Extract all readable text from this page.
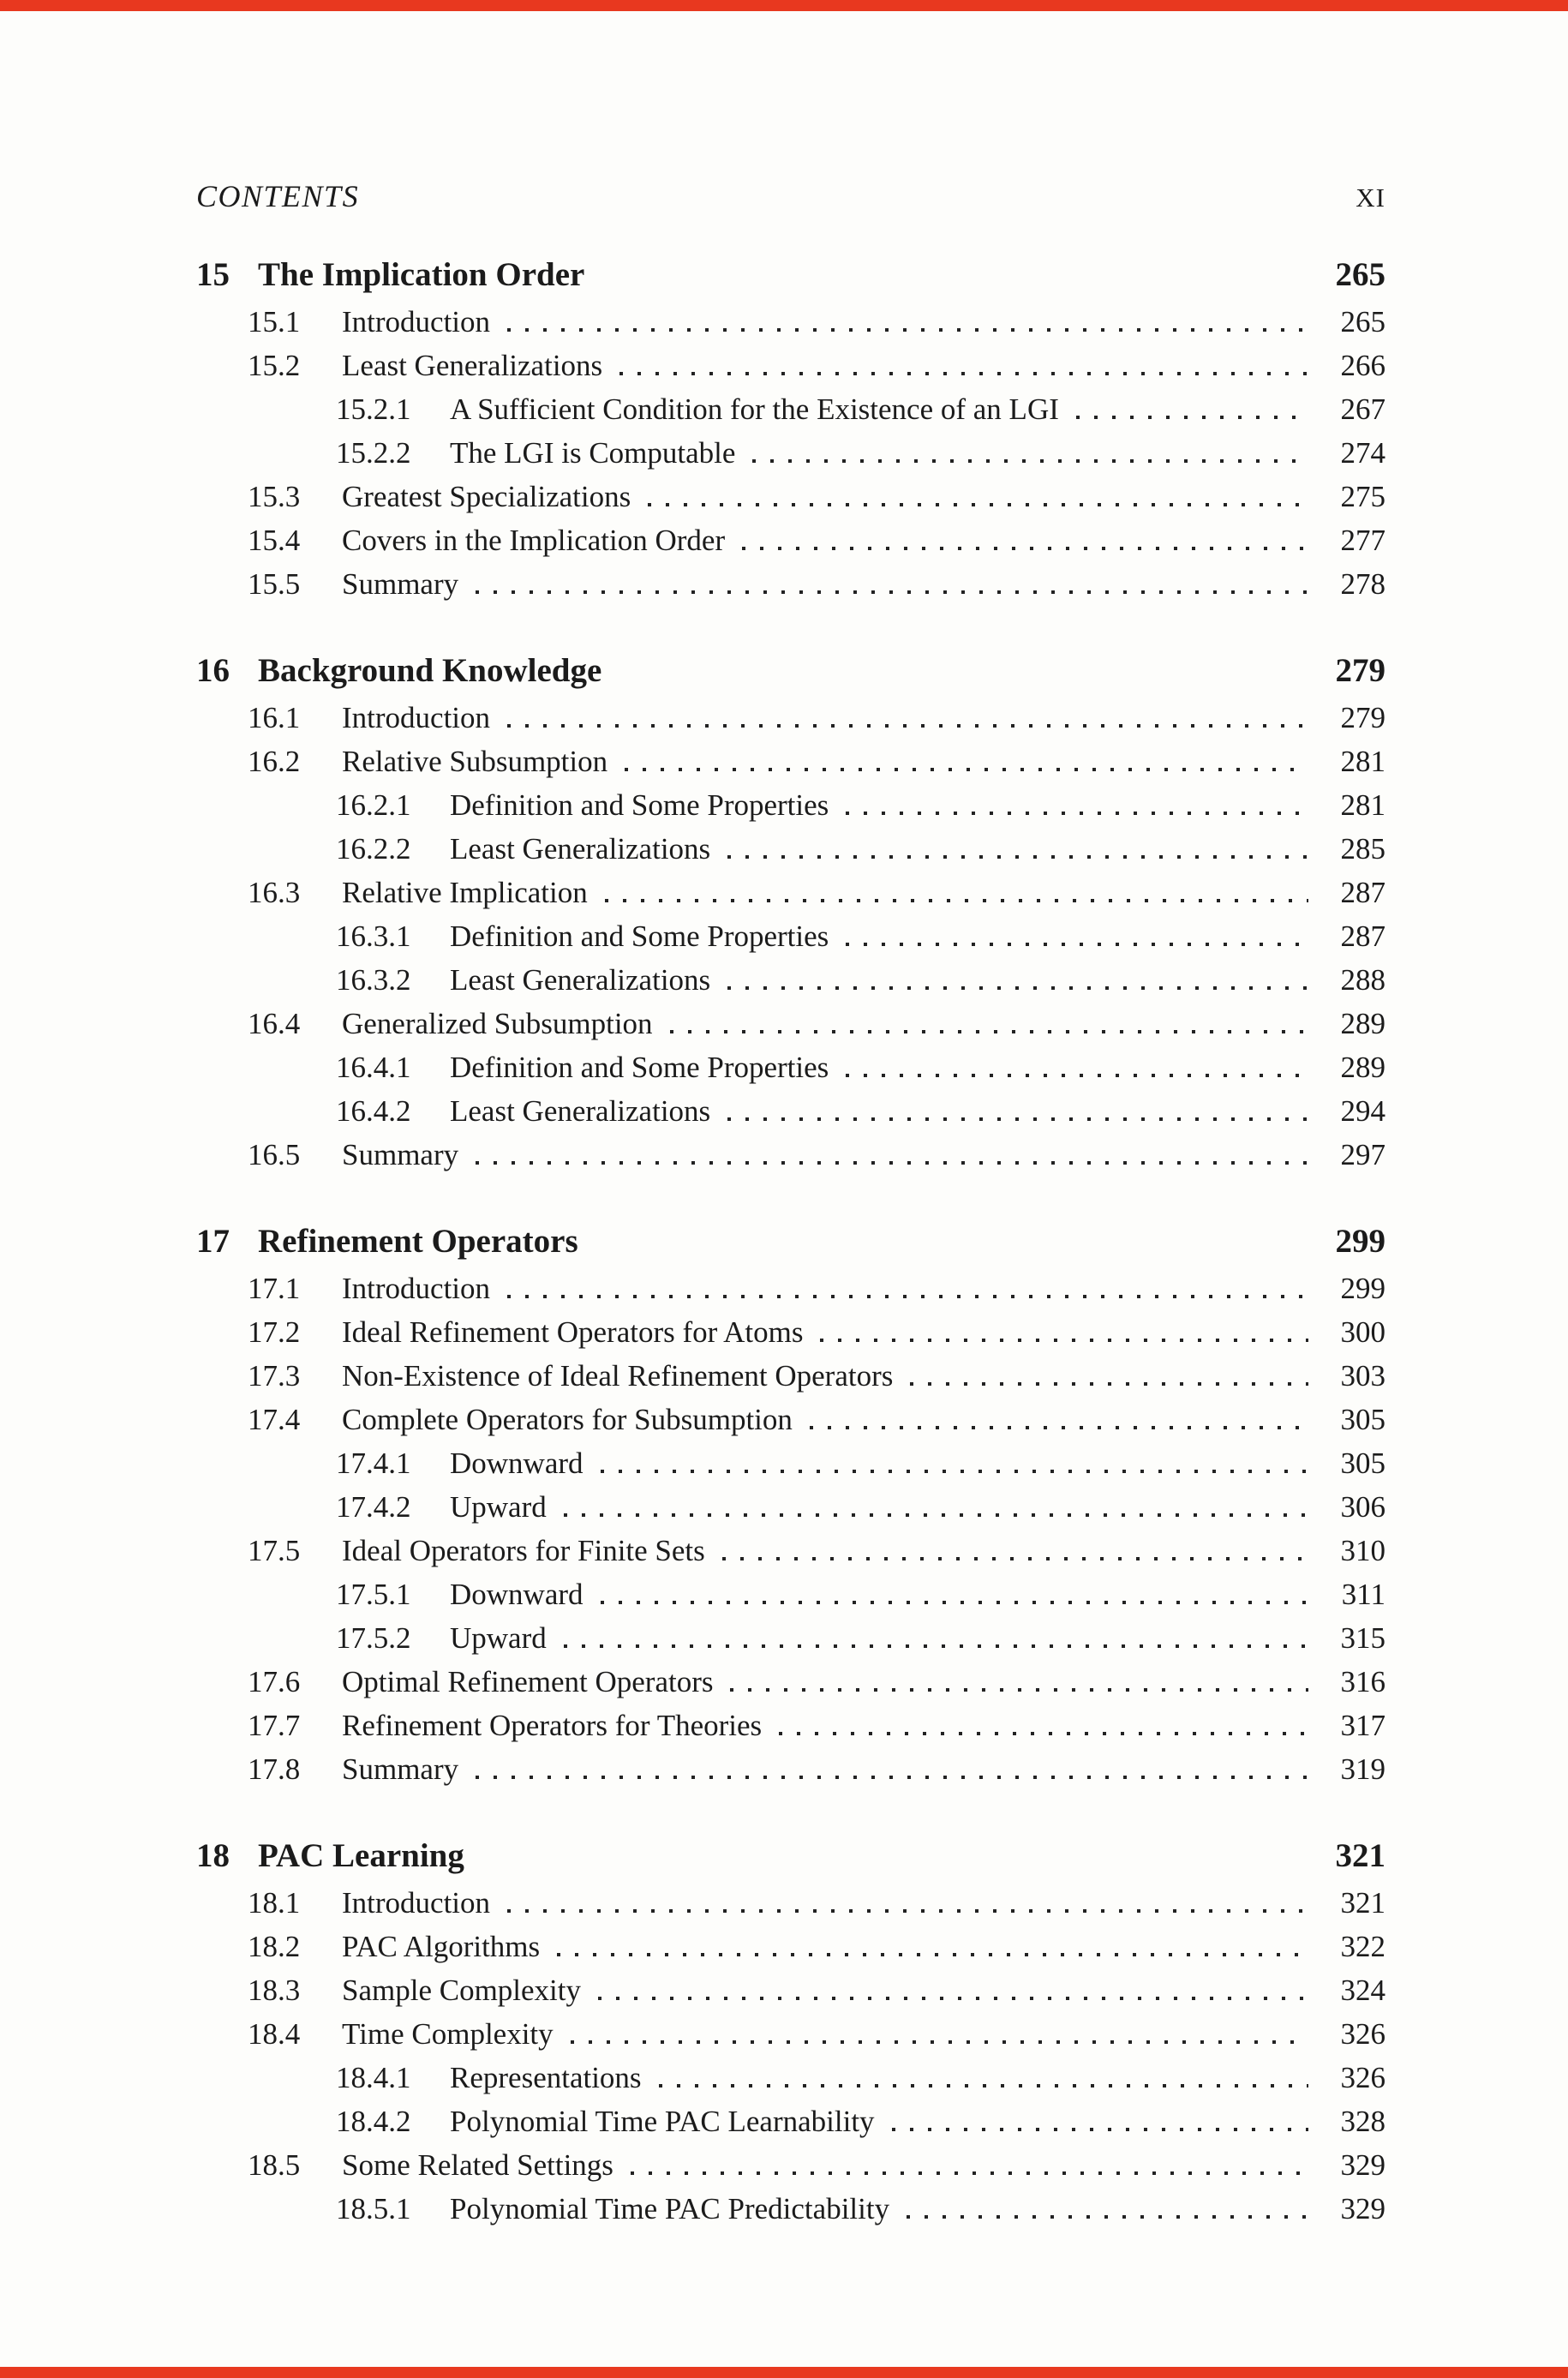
CONTENTS	XI
15 The Implication Order	265
15.1	Introduction	265
15.2	Least Generalizations	266
15.2.1	A Sufficient Condition for the Existence of an LGI	267
15.2.2	The LGI is Computable	274
15.3	Greatest Specializations	275
15.4	Covers in the Implication Order	277
15.5	Summary	278
16 Background Knowledge	279
16.1	Introduction	279
16.2	Relative Subsumption	281
16.2.1	Definition and Some Properties	281
16.2.2	Least Generalizations	285
16.3	Relative Implication	287
16.3.1	Definition and Some Properties	287
16.3.2	Least Generalizations	288
16.4	Generalized Subsumption	289
16.4.1	Definition and Some Properties	289
16.4.2	Least Generalizations	294
16.5	Summary	297
17 Refinement Operators	299
17.1	Introduction	299
17.2	Ideal Refinement Operators for Atoms	300
17.3	Non-Existence of Ideal Refinement Operators	303
17.4	Complete Operators for Subsumption	305
17.4.1	Downward	305
17.4.2	Upward	306
17.5	Ideal Operators for Finite Sets	310
17.5.1	Downward	311
17.5.2	Upward	315
17.6	Optimal Refinement Operators	316
17.7	Refinement Operators for Theories	317
17.8	Summary	319
18 PAC Learning	321
18.1	Introduction	321
18.2	PAC Algorithms	322
18.3	Sample Complexity	324
18.4	Time Complexity	326
18.4.1	Representations	326
18.4.2	Polynomial Time PAC Learnability	328
18.5	Some Related Settings	329
18.5.1	Polynomial Time PAC Predictability	329
